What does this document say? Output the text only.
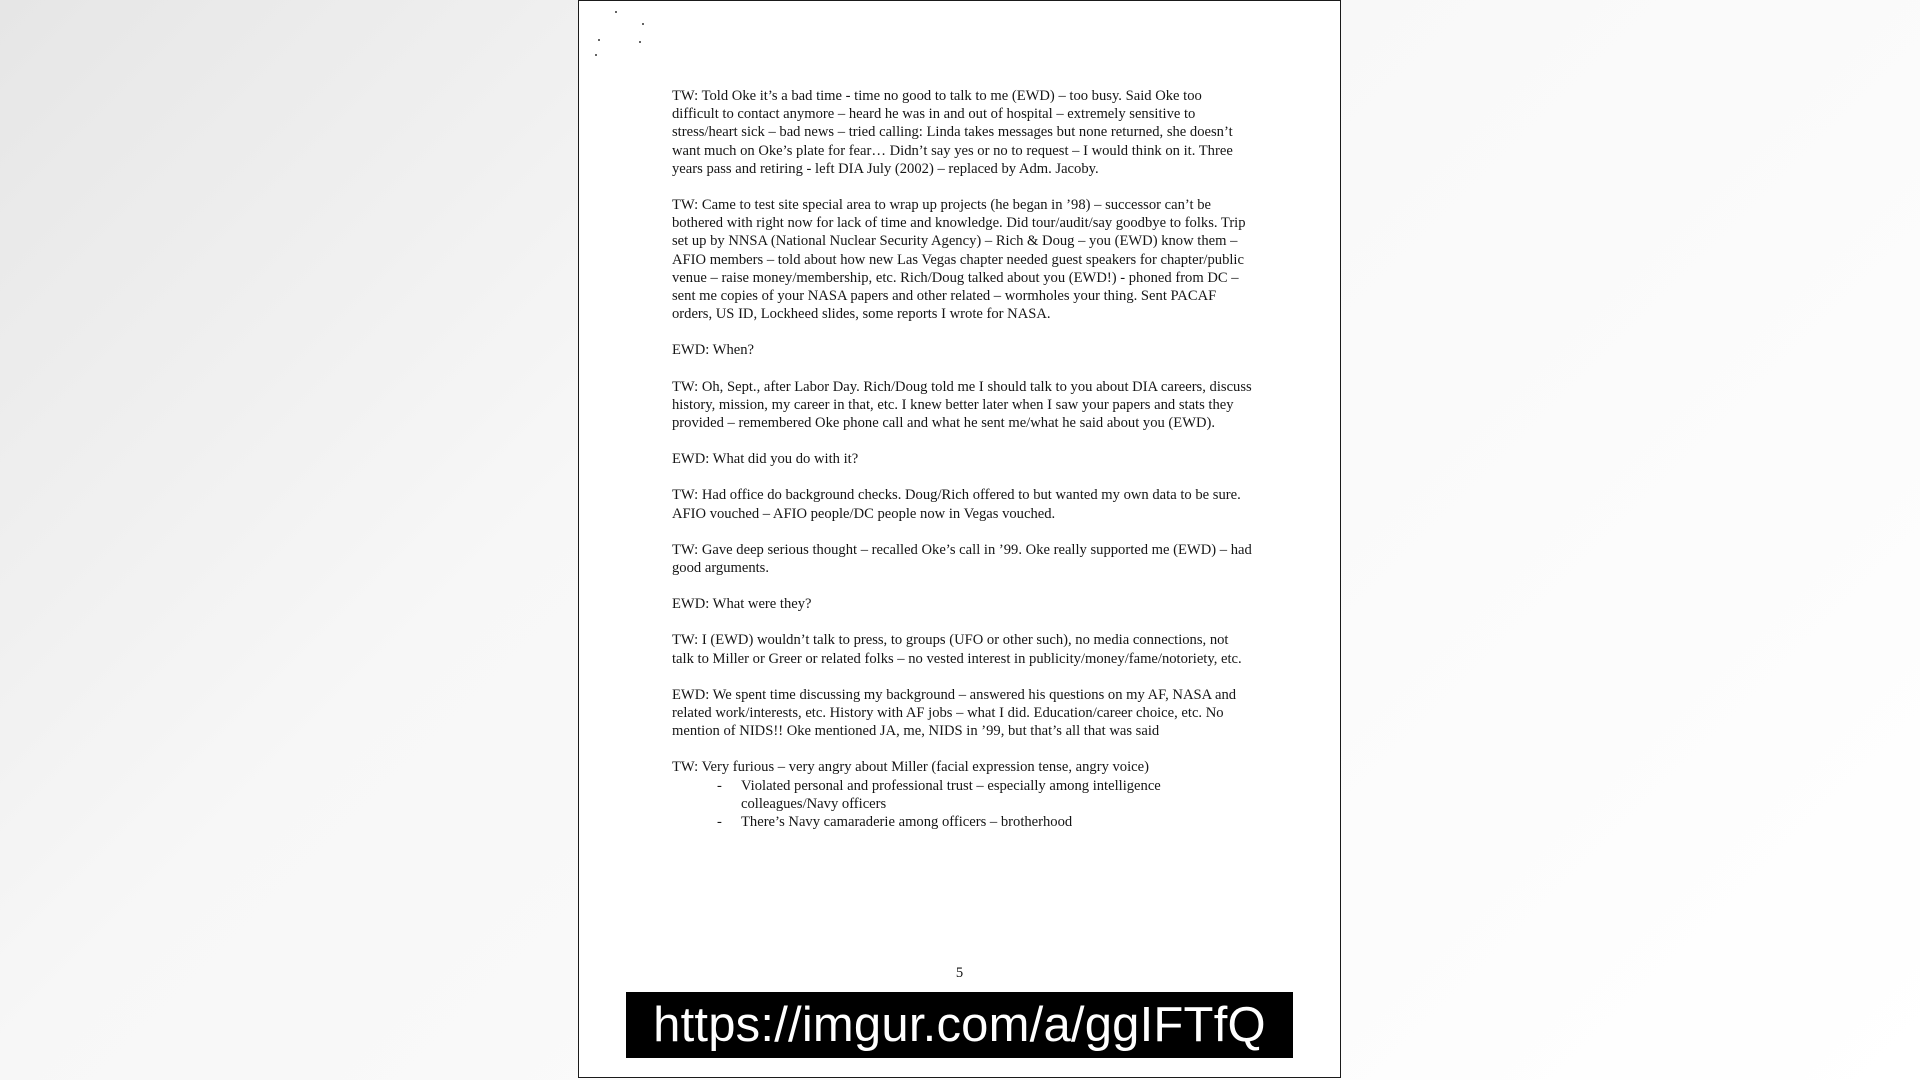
TW: Told Oke it’s a bad time - time no good to talk to me (EWD) – too busy. Said Oke too difficult to contact anymore – heard he was in and out of hospital – extremely sensitive to stress/heart sick – bad news – tried calling: Linda takes messages but none returned, she doesn’t want much on Oke’s plate for fear… Didn’t say yes or no to request – I would think on it. Three years pass and retiring - left DIA July (2002) – replaced by Adm. Jacoby.

TW: Came to test site special area to wrap up projects (he began in ’98) – successor can’t be bothered with right now for lack of time and knowledge. Did tour/audit/say goodbye to folks. Trip set up by NNSA (National Nuclear Security Agency) – Rich & Doug – you (EWD) know them – AFIO members – told about how new Las Vegas chapter needed guest speakers for chapter/public venue – raise money/membership, etc. Rich/Doug talked about you (EWD!) - phoned from DC – sent me copies of your NASA papers and other related – wormholes your thing. Sent PACAF orders, US ID, Lockheed slides, some reports I wrote for NASA.

EWD: When?

TW: Oh, Sept., after Labor Day. Rich/Doug told me I should talk to you about DIA careers, discuss history, mission, my career in that, etc. I knew better later when I saw your papers and stats they provided – remembered Oke phone call and what he sent me/what he said about you (EWD).

EWD: What did you do with it?

TW: Had office do background checks. Doug/Rich offered to but wanted my own data to be sure. AFIO vouched – AFIO people/DC people now in Vegas vouched.

TW: Gave deep serious thought – recalled Oke’s call in ’99. Oke really supported me (EWD) – had good arguments.

EWD: What were they?

TW: I (EWD) wouldn’t talk to press, to groups (UFO or other such), no media connections, not talk to Miller or Greer or related folks – no vested interest in publicity/money/fame/notoriety, etc.

EWD: We spent time discussing my background – answered his questions on my AF, NASA and related work/interests, etc. History with AF jobs – what I did. Education/career choice, etc. No mention of NIDS!! Oke mentioned JA, me, NIDS in ’99, but that’s all that was said

TW: Very furious – very angry about Miller (facial expression tense, angry voice)

- Violated personal and professional trust – especially among intelligence colleagues/Navy officers
- There’s Navy camaraderie among officers – brotherhood
5
https://imgur.com/a/ggIFTfQ
